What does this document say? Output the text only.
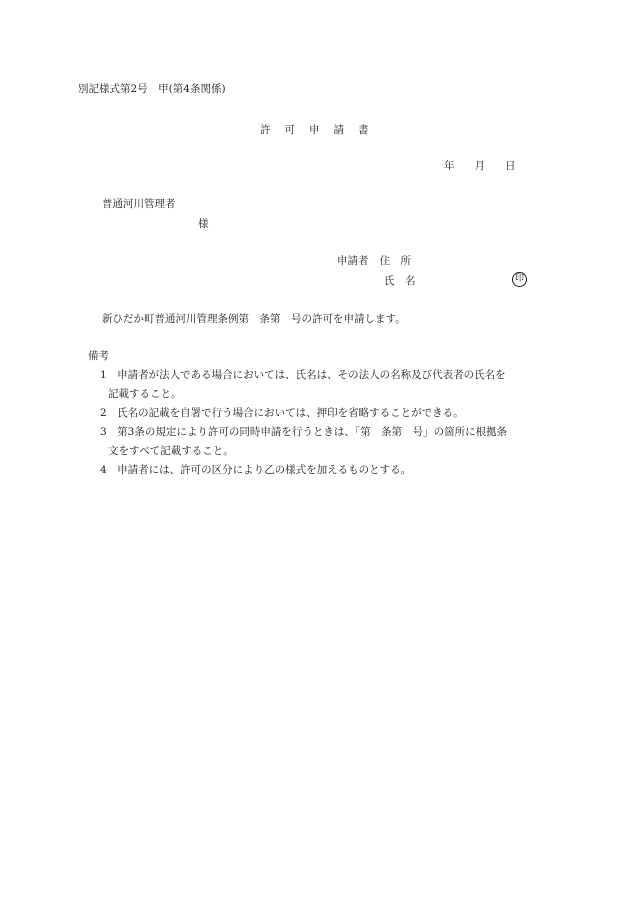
別記様式第2号　甲(第4条関係)
許 可 申 請 書
年 月 日
普通河川管理者
様
申請者 住　所
氏　名	印
新ひだか町普通河川管理条例第　条第　号の許可を申請します。
備考
1　申請者が法人である場合においては、氏名は、その法人の名称及び代表者の氏名を
記載すること。
2　氏名の記載を自署で行う場合においては、押印を省略することができる。
3　第3条の規定により許可の同時申請を行うときは、「第　条第　号」の箇所に根拠条
文をすべて記載すること。
4　申請者には、許可の区分により乙の様式を加えるものとする。
